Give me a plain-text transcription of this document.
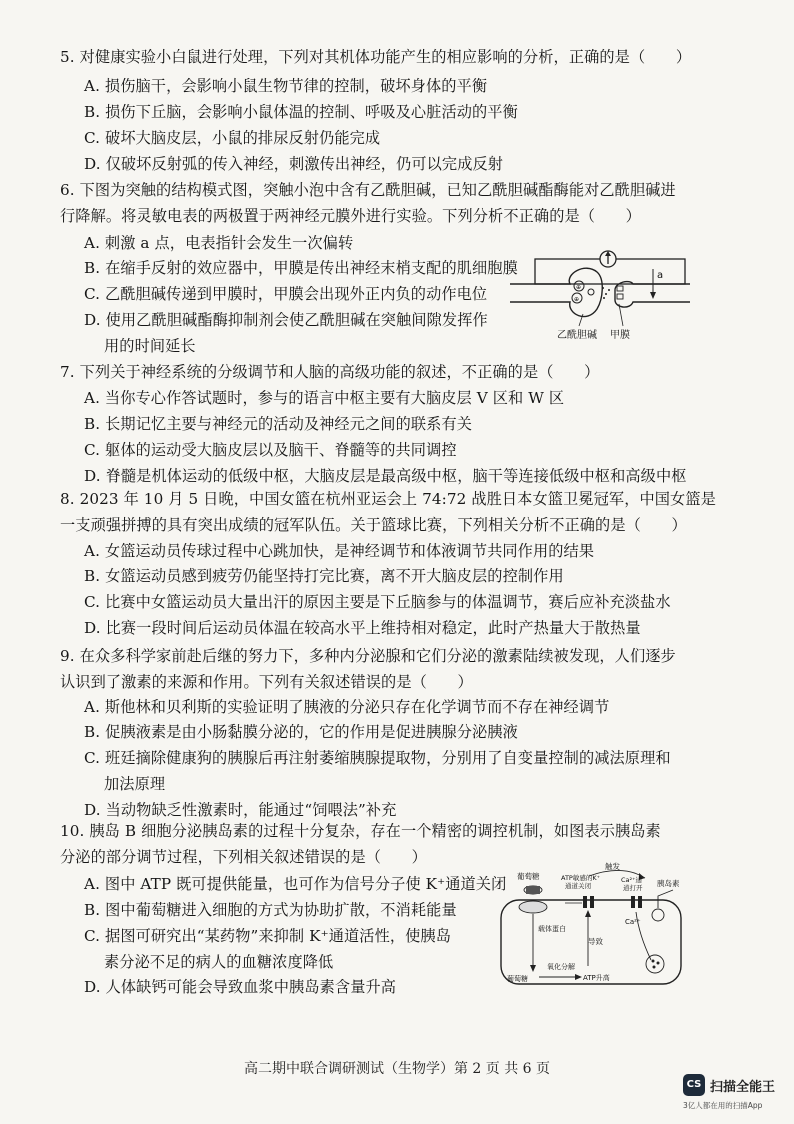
5. 对健康实验小白鼠进行处理，下列对其机体功能产生的相应影响的分析，正确的是（　　）
A. 损伤脑干，会影响小鼠生物节律的控制，破坏身体的平衡
B. 损伤下丘脑，会影响小鼠体温的控制、呼吸及心脏活动的平衡
C. 破坏大脑皮层，小鼠的排尿反射仍能完成
D. 仅破坏反射弧的传入神经，刺激传出神经，仍可以完成反射
6. 下图为突触的结构模式图，突触小泡中含有乙酰胆碱，已知乙酰胆碱酯酶能对乙酰胆碱进
行降解。将灵敏电表的两极置于两神经元膜外进行实验。下列分析不正确的是（　　）
A. 刺激 a 点，电表指针会发生一次偏转
B. 在缩手反射的效应器中，甲膜是传出神经末梢支配的肌细胞膜
C. 乙酰胆碱传递到甲膜时，甲膜会出现外正内负的动作电位
D. 使用乙酰胆碱酯酶抑制剂会使乙酰胆碱在突触间隙发挥作
用的时间延长
7. 下列关于神经系统的分级调节和人脑的高级功能的叙述，不正确的是（　　）
A. 当你专心作答试题时，参与的语言中枢主要有大脑皮层 V 区和 W 区
B. 长期记忆主要与神经元的活动及神经元之间的联系有关
C. 躯体的运动受大脑皮层以及脑干、脊髓等的共同调控
D. 脊髓是机体运动的低级中枢，大脑皮层是最高级中枢，脑干等连接低级中枢和高级中枢
8. 2023 年 10 月 5 日晚，中国女篮在杭州亚运会上 74:72 战胜日本女篮卫冕冠军，中国女篮是
一支顽强拼搏的具有突出成绩的冠军队伍。关于篮球比赛，下列相关分析不正确的是（　　）
A. 女篮运动员传球过程中心跳加快，是神经调节和体液调节共同作用的结果
B. 女篮运动员感到疲劳仍能坚持打完比赛，离不开大脑皮层的控制作用
C. 比赛中女篮运动员大量出汗的原因主要是下丘脑参与的体温调节，赛后应补充淡盐水
D. 比赛一段时间后运动员体温在较高水平上维持相对稳定，此时产热量大于散热量
9. 在众多科学家前赴后继的努力下，多种内分泌腺和它们分泌的激素陆续被发现，人们逐步
认识到了激素的来源和作用。下列有关叙述错误的是（　　）
A. 斯他林和贝利斯的实验证明了胰液的分泌只存在化学调节而不存在神经调节
B. 促胰液素是由小肠黏膜分泌的，它的作用是促进胰腺分泌胰液
C. 班廷摘除健康狗的胰腺后再注射萎缩胰腺提取物，分别用了自变量控制的减法原理和
加法原理
D. 当动物缺乏性激素时，能通过“饲喂法”补充
10. 胰岛 B 细胞分泌胰岛素的过程十分复杂，存在一个精密的调控机制，如图表示胰岛素
分泌的部分调节过程，下列相关叙述错误的是（　　）
A. 图中 ATP 既可提供能量，也可作为信号分子使 K⁺通道关闭
B. 图中葡萄糖进入细胞的方式为协助扩散，不消耗能量
C. 据图可研究出“某药物”来抑制 K⁺通道活性，使胰岛
素分泌不足的病人的血糖浓度降低
D. 人体缺钙可能会导致血浆中胰岛素含量升高
a
⊕
⊕
乙酰胆碱 甲膜
触发
葡萄糖	ATP敏感的K⁺
通道关闭
Ca²⁺通
道打开 胰岛素
载体蛋白
导致
Ca²⁺
葡萄糖
氧化分解
ATP升高
高二期中联合调研测试（生物学）第 2 页 共 6 页
CS 扫描全能王
3亿人都在用的扫描App
